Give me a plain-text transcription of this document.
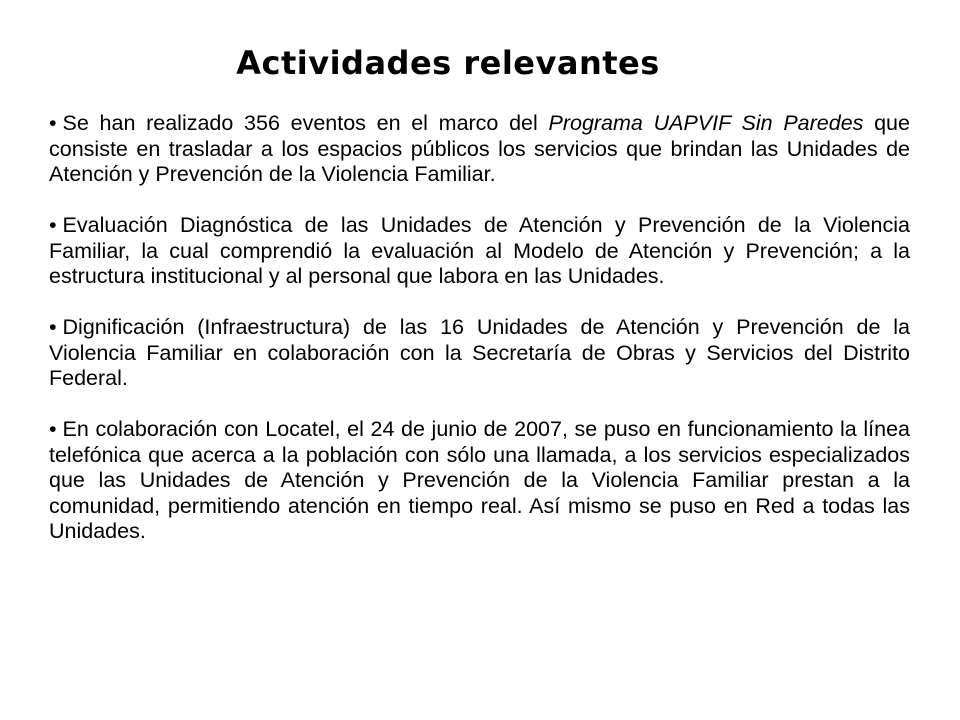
Actividades relevantes

• Se han realizado 356 eventos en el marco del Programa UAPVIF Sin Paredes que consiste en trasladar a los espacios públicos los servicios que brindan las Unidades de Atención y Prevención de la Violencia Familiar.

• Evaluación Diagnóstica de las Unidades de Atención y Prevención de la Violencia Familiar, la cual comprendió la evaluación al Modelo de Atención y Prevención; a la estructura institucional y al personal que labora en las Unidades.

• Dignificación (Infraestructura) de las 16 Unidades de Atención y Prevención de la Violencia Familiar en colaboración con la Secretaría de Obras y Servicios del Distrito Federal.

• En colaboración con Locatel, el 24 de junio de 2007, se puso en funcionamiento la línea telefónica que acerca a la población con sólo una llamada, a los servicios especializados que las Unidades de Atención y Prevención de la Violencia Familiar prestan a la comunidad, permitiendo atención en tiempo real. Así mismo se puso en Red a todas las Unidades.
